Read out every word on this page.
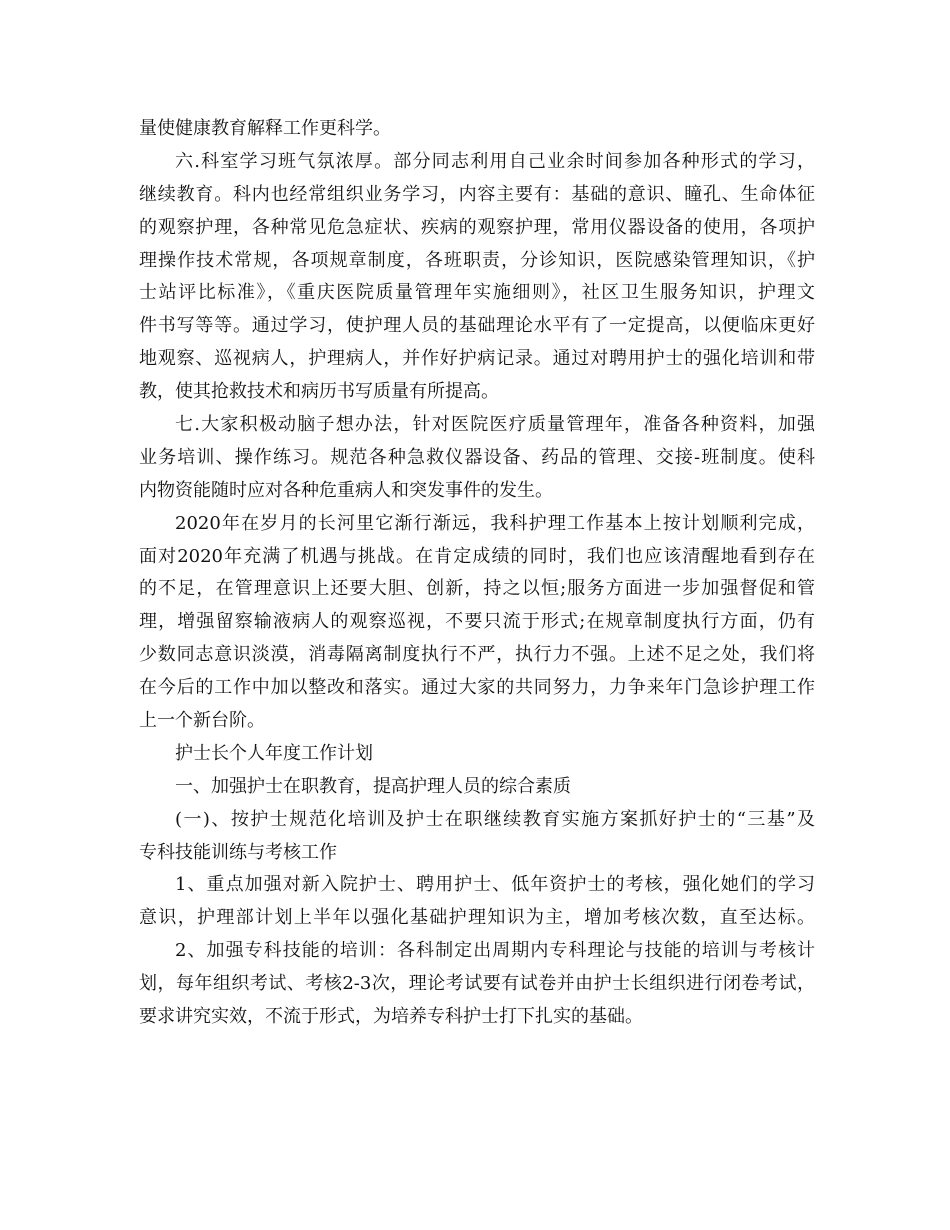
量使健康教育解释工作更科学。
六.科室学习班气氛浓厚。部分同志利用自己业余时间参加各种形式的学习，
继续教育。科内也经常组织业务学习，内容主要有：基础的意识、瞳孔、生命体征
的观察护理，各种常见危急症状、疾病的观察护理，常用仪器设备的使用，各项护
理操作技术常规，各项规章制度，各班职责，分诊知识，医院感染管理知识，《护
士站评比标准》，《重庆医院质量管理年实施细则》，社区卫生服务知识，护理文
件书写等等。通过学习，使护理人员的基础理论水平有了一定提高，以便临床更好
地观察、巡视病人，护理病人，并作好护病记录。通过对聘用护士的强化培训和带
教，使其抢救技术和病历书写质量有所提高。
七.大家积极动脑子想办法，针对医院医疗质量管理年，准备各种资料，加强
业务培训、操作练习。规范各种急救仪器设备、药品的管理、交接-班制度。使科
内物资能随时应对各种危重病人和突发事件的发生。
2020年在岁月的长河里它渐行渐远，我科护理工作基本上按计划顺利完成，
面对2020年充满了机遇与挑战。在肯定成绩的同时，我们也应该清醒地看到存在
的不足，在管理意识上还要大胆、创新，持之以恒;服务方面进一步加强督促和管
理，增强留察输液病人的观察巡视，不要只流于形式;在规章制度执行方面，仍有
少数同志意识淡漠，消毒隔离制度执行不严，执行力不强。上述不足之处，我们将
在今后的工作中加以整改和落实。通过大家的共同努力，力争来年门急诊护理工作
上一个新台阶。
护士长个人年度工作计划
一、加强护士在职教育，提高护理人员的综合素质
(一)、按护士规范化培训及护士在职继续教育实施方案抓好护士的“三基”及
专科技能训练与考核工作
1、重点加强对新入院护士、聘用护士、低年资护士的考核，强化她们的学习
意识，护理部计划上半年以强化基础护理知识为主，增加考核次数，直至达标。
2、加强专科技能的培训：各科制定出周期内专科理论与技能的培训与考核计
划，每年组织考试、考核2-3次，理论考试要有试卷并由护士长组织进行闭卷考试，
要求讲究实效，不流于形式，为培养专科护士打下扎实的基础。
